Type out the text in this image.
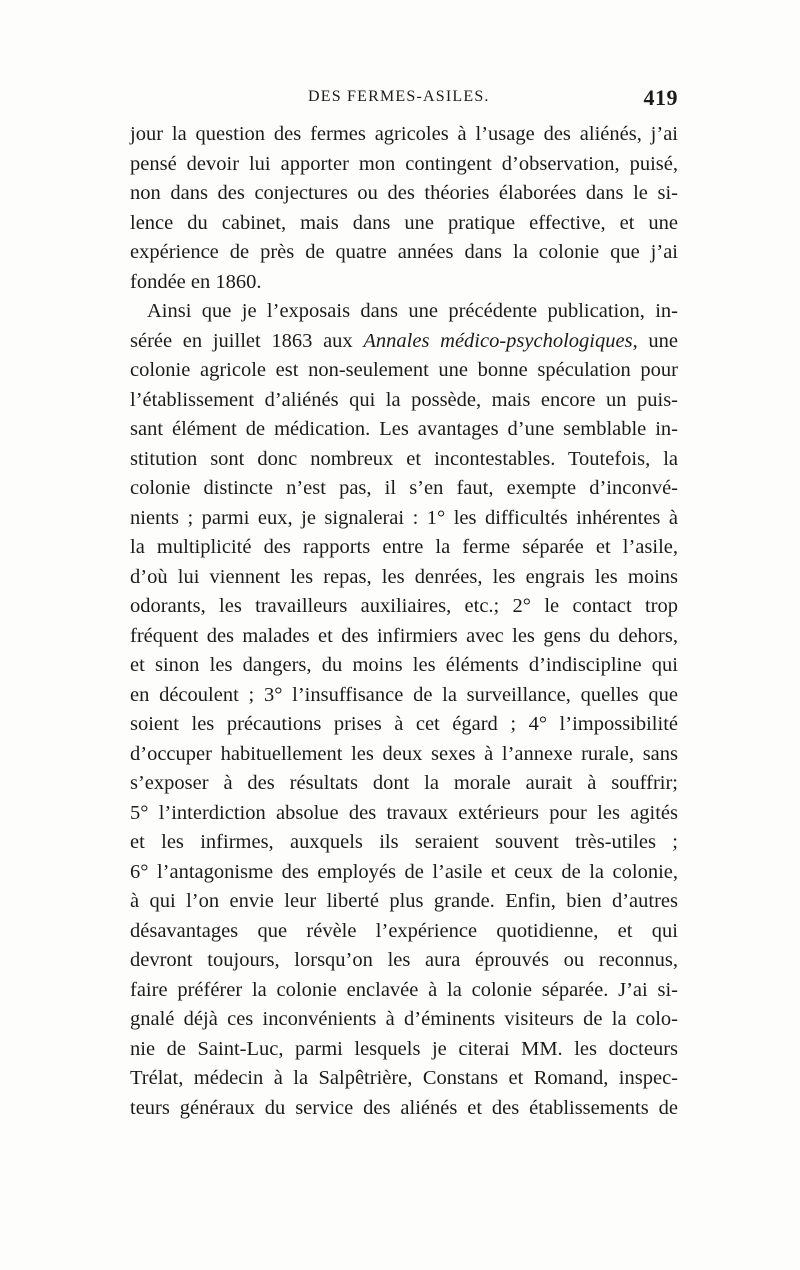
DES FERMES-ASILES.	419
jour la question des fermes agricoles à l’usage des aliénés, j’ai
pensé devoir lui apporter mon contingent d’observation, puisé,
non dans des conjectures ou des théories élaborées dans le si-
lence du cabinet, mais dans une pratique effective, et une
expérience de près de quatre années dans la colonie que j’ai
fondée en 1860.
Ainsi que je l’exposais dans une précédente publication, in-
sérée en juillet 1863 aux Annales médico-psychologiques, une
colonie agricole est non-seulement une bonne spéculation pour
l’établissement d’aliénés qui la possède, mais encore un puis-
sant élément de médication. Les avantages d’une semblable in-
stitution sont donc nombreux et incontestables. Toutefois, la
colonie distincte n’est pas, il s’en faut, exempte d’inconvé-
nients ; parmi eux, je signalerai : 1° les difficultés inhérentes à
la multiplicité des rapports entre la ferme séparée et l’asile,
d’où lui viennent les repas, les denrées, les engrais les moins
odorants, les travailleurs auxiliaires, etc.; 2° le contact trop
fréquent des malades et des infirmiers avec les gens du dehors,
et sinon les dangers, du moins les éléments d’indiscipline qui
en découlent ; 3° l’insuffisance de la surveillance, quelles que
soient les précautions prises à cet égard ; 4° l’impossibilité
d’occuper habituellement les deux sexes à l’annexe rurale, sans
s’exposer à des résultats dont la morale aurait à souffrir;
5° l’interdiction absolue des travaux extérieurs pour les agités
et les infirmes, auxquels ils seraient souvent très-utiles ;
6° l’antagonisme des employés de l’asile et ceux de la colonie,
à qui l’on envie leur liberté plus grande. Enfin, bien d’autres
désavantages que révèle l’expérience quotidienne, et qui
devront toujours, lorsqu’on les aura éprouvés ou reconnus,
faire préférer la colonie enclavée à la colonie séparée. J’ai si-
gnalé déjà ces inconvénients à d’éminents visiteurs de la colo-
nie de Saint-Luc, parmi lesquels je citerai MM. les docteurs
Trélat, médecin à la Salpêtrière, Constans et Romand, inspec-
teurs généraux du service des aliénés et des établissements de
